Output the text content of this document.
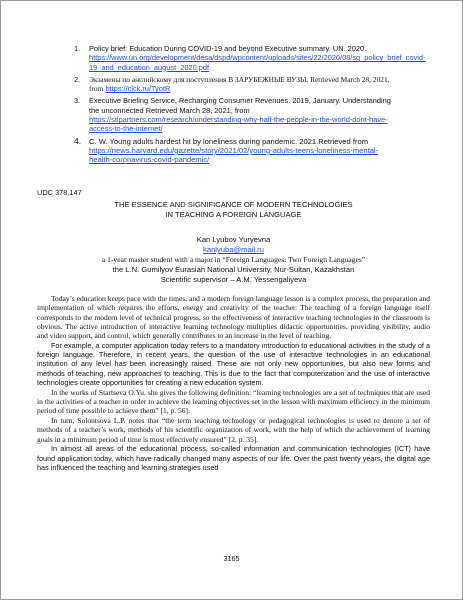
1. Policy brief: Education During COVID-19 and beyond Executive summary. UN. 2020. https://www.un.org/development/desa/dspd/wpcontent/uploads/sites/22/2020/08/sg_policy_brief_covid-19_and_education_august_2020.pdf
2. Экзамены по английскому для поступления В ЗАРУБЕЖНЫЕ ВУЗЫ. Retrieved March 28, 2021, from https://clck.ru/TyotR
3. Executive Briefing Service, Recharging Consumer Revenues. 2019, January. Understanding the unconnected Retrieved March 28, 2021, from https://stlpartners.com/research/understanding-why-half-the-people-in-the-world-dont-have-access-to-the-internet/
4. C. W. Young adults hardest hit by loneliness during pandemic. 2021.Retrieved from https://news.harvard.edu/gazette/story/2021/02/young-adults-teens-loneliness-mental-health-coronavirus-covid-pandemic/
UDC 378.147
THE ESSENCE AND SIGNIFICANCE OF MODERN TECHNOLOGIES
IN TEACHING A FOREIGN LANGUAGE
Kan Lyubov Yuryevna
kanlyuba@mail.ru
a 1-year master student with a major in “Foreign Languages: Two Foreign Languages”
the L.N. Gumilyov Eurasian National University, Nur-Sultan, Kazakhstan
Scientific supervisor – A.M. Yessengaliyeva

Today’s education keeps pace with the times, and a modern foreign language lesson is a complex process, the preparation and implementation of which requires the efforts, energy and creativity of the teacher. The teaching of a foreign language itself corresponds to the modern level of technical progress, so the effectiveness of interactive teaching technologies in the classroom is obvious. The active introduction of interactive learning technology multiplies didactic opportunities, providing visibility, audio and video support, and control, which generally contributes to an increase in the level of teaching.

For example, a computer application today refers to a mandatory introduction to educational activities in the study of a foreign language. Therefore, in recent years, the question of the use of interactive technologies in an educational institution of any level has been increasingly raised. These are not only new opportunities, but also new forms and methods of teaching, new approaches to teaching. This is due to the fact that computerization and the use of interactive technologies create opportunities for creating a new education system.

In the works of Startseva O.Yu. she gives the following definition: “learning technologies are a set of techniques that are used in the activities of a teacher in order to achieve the learning objectives set in the lesson with maximum efficiency in the minimum period of time possible to achieve them” [1, p. 56].

In turn, Solontsova L.P. notes that “the term teaching technology or pedagogical technologies is used to denote a set of methods of a teacher’s work, methods of his scientific organization of work, with the help of which the achievement of learning goals in a minimum period of time is most effectively ensured” [2, p. 35].

In almost all areas of the educational process, so-called information and communication technologies (ICT) have found application today, which have radically changed many aspects of our life. Over the past twenty years, the digital age has influenced the teaching and learning strategies used

3165
